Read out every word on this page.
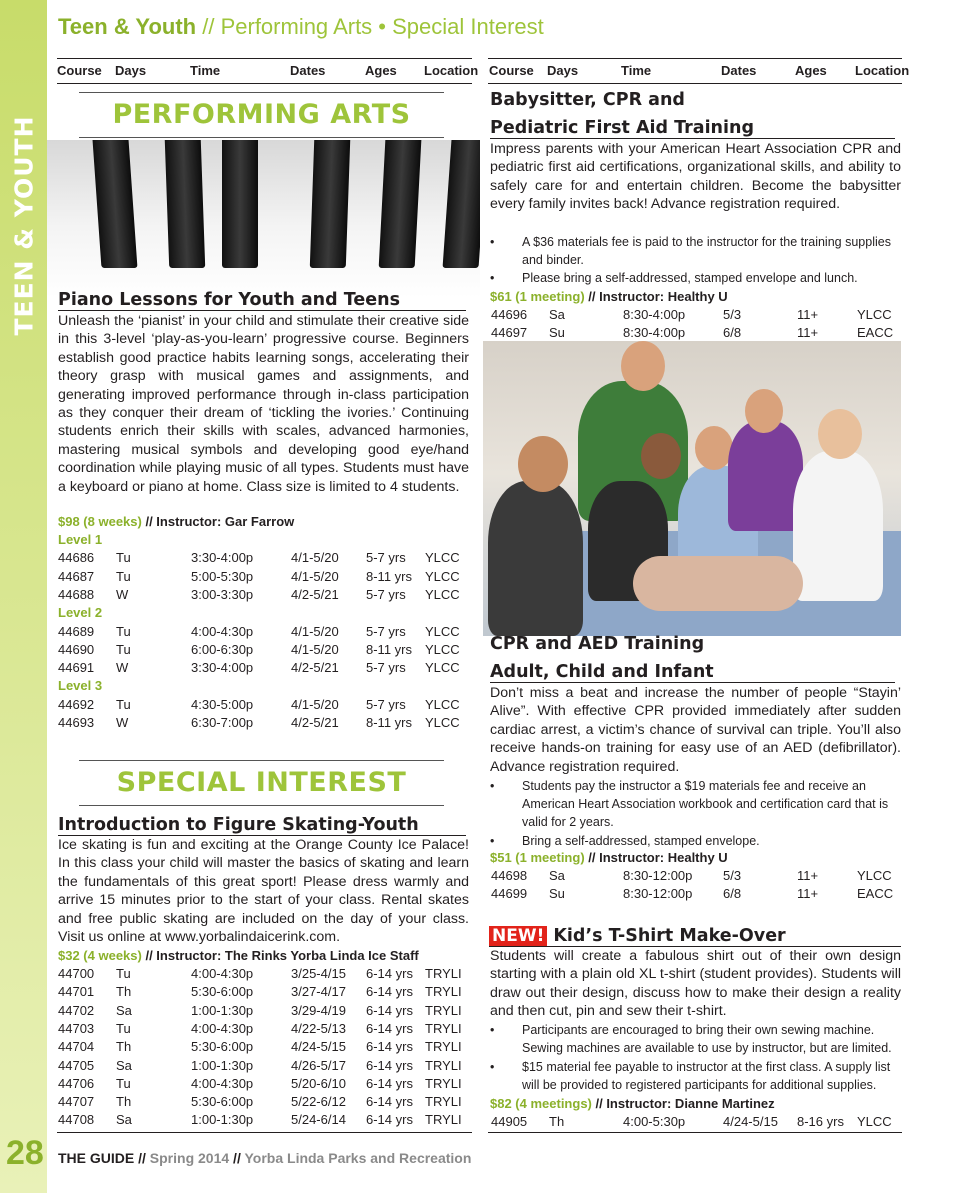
TEEN & YOUTH
28
Teen & Youth // Performing Arts • Special Interest
Course Days	Time	Dates	Ages Location Course Days	Time	Dates	Ages Location
PERFORMING ARTS
Piano Lessons for Youth and Teens
Unleash the ‘pianist’ in your child and stimulate their creative side in this 3-level ‘play-as-you-learn’ progressive course. Beginners establish good practice habits learning songs, accelerating their theory grasp with musical games and assignments, and generating improved performance through in-class participation as they conquer their dream of ‘tickling the ivories.’ Continuing students enrich their skills with scales, advanced harmonies, mastering musical symbols and developing good eye/hand coordination while playing music of all types. Students must have a keyboard or piano at home. Class size is limited to 4 students.
$98 (8 weeks) // Instructor: Gar Farrow
Level 1
44686 Tu	3:30-4:00p	4/1-5/20 5-7 yrs YLCC
44687 Tu	5:00-5:30p	4/1-5/20 8-11 yrs YLCC
44688 W	3:00-3:30p	4/2-5/21 5-7 yrs YLCC
Level 2
44689 Tu	4:00-4:30p	4/1-5/20 5-7 yrs YLCC
44690 Tu	6:00-6:30p	4/1-5/20 8-11 yrs YLCC
44691 W	3:30-4:00p	4/2-5/21 5-7 yrs YLCC
Level 3
44692 Tu	4:30-5:00p	4/1-5/20 5-7 yrs YLCC
44693 W	6:30-7:00p	4/2-5/21 8-11 yrs YLCC
SPECIAL INTEREST
Introduction to Figure Skating-Youth
Ice skating is fun and exciting at the Orange County Ice Palace! In this class your child will master the basics of skating and learn the fundamentals of this great sport! Please dress warmly and arrive 15 minutes prior to the start of your class. Rental skates and free public skating are included on the day of your class. Visit us online at www.yorbalindaicerink.com.
$32 (4 weeks) // Instructor: The Rinks Yorba Linda Ice Staff
44700 Tu	4:00-4:30p	3/25-4/15 6-14 yrs TRYLI
44701 Th	5:30-6:00p	3/27-4/17 6-14 yrs TRYLI
44702 Sa	1:00-1:30p	3/29-4/19 6-14 yrs TRYLI
44703 Tu	4:00-4:30p	4/22-5/13 6-14 yrs TRYLI
44704 Th	5:30-6:00p	4/24-5/15 6-14 yrs TRYLI
44705 Sa	1:00-1:30p	4/26-5/17 6-14 yrs TRYLI
44706 Tu	4:00-4:30p	5/20-6/10 6-14 yrs TRYLI
44707 Th	5:30-6:00p	5/22-6/12 6-14 yrs TRYLI
44708 Sa	1:00-1:30p	5/24-6/14 6-14 yrs TRYLI
Babysitter, CPR and
Pediatric First Aid Training
Impress parents with your American Heart Association CPR and pediatric first aid certifications, organizational skills, and ability to safely care for and entertain children. Become the babysitter every family invites back! Advance registration required.
•	A $36 materials fee is paid to the instructor for the training supplies and binder.
•	Please bring a self-addressed, stamped envelope and lunch.
$61 (1 meeting) // Instructor: Healthy U
44696 Sa	8:30-4:00p	5/3	11+	YLCC
44697 Su	8:30-4:00p	6/8	11+	EACC
CPR and AED Training
Adult, Child and Infant
Don’t miss a beat and increase the number of people “Stayin’ Alive”. With effective CPR provided immediately after sudden cardiac arrest, a victim’s chance of survival can triple. You’ll also receive hands-on training for easy use of an AED (defibrillator). Advance registration required.
•	Students pay the instructor a $19 materials fee and receive an American Heart Association workbook and certification card that is valid for 2 years.
•	Bring a self-addressed, stamped envelope.
$51 (1 meeting) // Instructor: Healthy U
44698 Sa	8:30-12:00p 5/3	11+	YLCC
44699 Su	8:30-12:00p 6/8	11+	EACC
NEW! Kid’s T-Shirt Make-Over
Students will create a fabulous shirt out of their own design starting with a plain old XL t-shirt (student provides). Students will draw out their design, discuss how to make their design a reality and then cut, pin and sew their t-shirt.
•	Participants are encouraged to bring their own sewing machine. Sewing machines are available to use by instructor, but are limited.
•	$15 material fee payable to instructor at the first class. A supply list will be provided to registered participants for additional supplies.
$82 (4 meetings) // Instructor: Dianne Martinez
44905 Th	4:00-5:30p	4/24-5/15 8-16 yrs YLCC
THE GUIDE // Spring 2014 // Yorba Linda Parks and Recreation
